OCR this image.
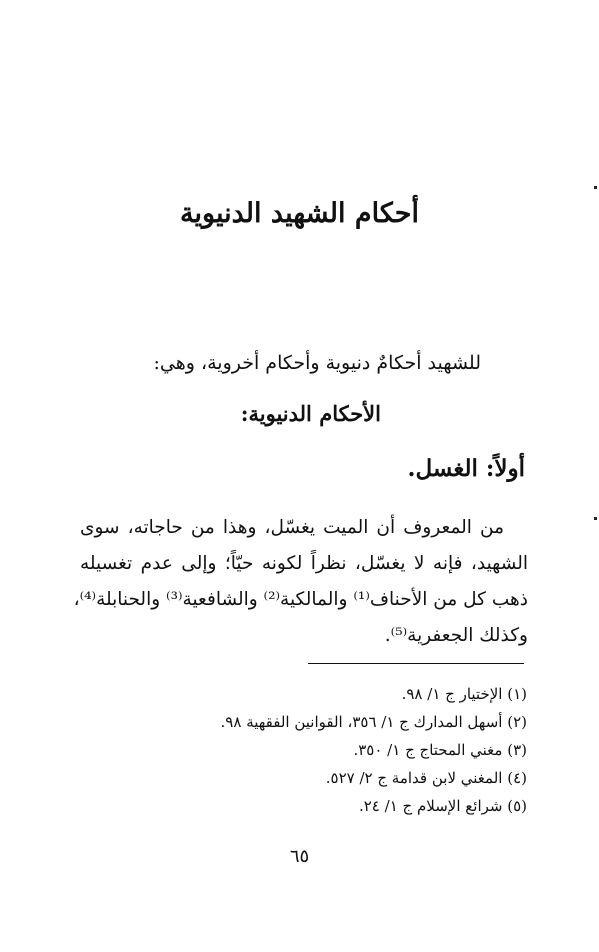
أحكام الشهيد الدنيوية
للشهيد أحكامٌ دنيوية وأحكام أخروية، وهي:
الأحكام الدنيوية:
أولاً: الغسل.
من المعروف أن الميت يغسّل، وهذا من حاجاته، سوى
الشهيد، فإنه لا يغسّل، نظراً لكونه حيّاً؛ وإلى عدم تغسيله
ذهب كل من الأحناف⁽¹⁾ والمالكية⁽²⁾ والشافعية⁽³⁾ والحنابلة⁽⁴⁾،
وكذلك الجعفرية⁽⁵⁾.
(١) الإختيار ج ١/ ٩٨.
(٢) أسهل المدارك ج ١/ ٣٥٦، القوانين الفقهية ٩٨.
(٣) مغني المحتاج ج ١/ ٣٥٠.
(٤) المغني لابن قدامة ج ٢/ ٥٢٧.
(٥) شرائع الإسلام ج ١/ ٢٤.
٦٥
